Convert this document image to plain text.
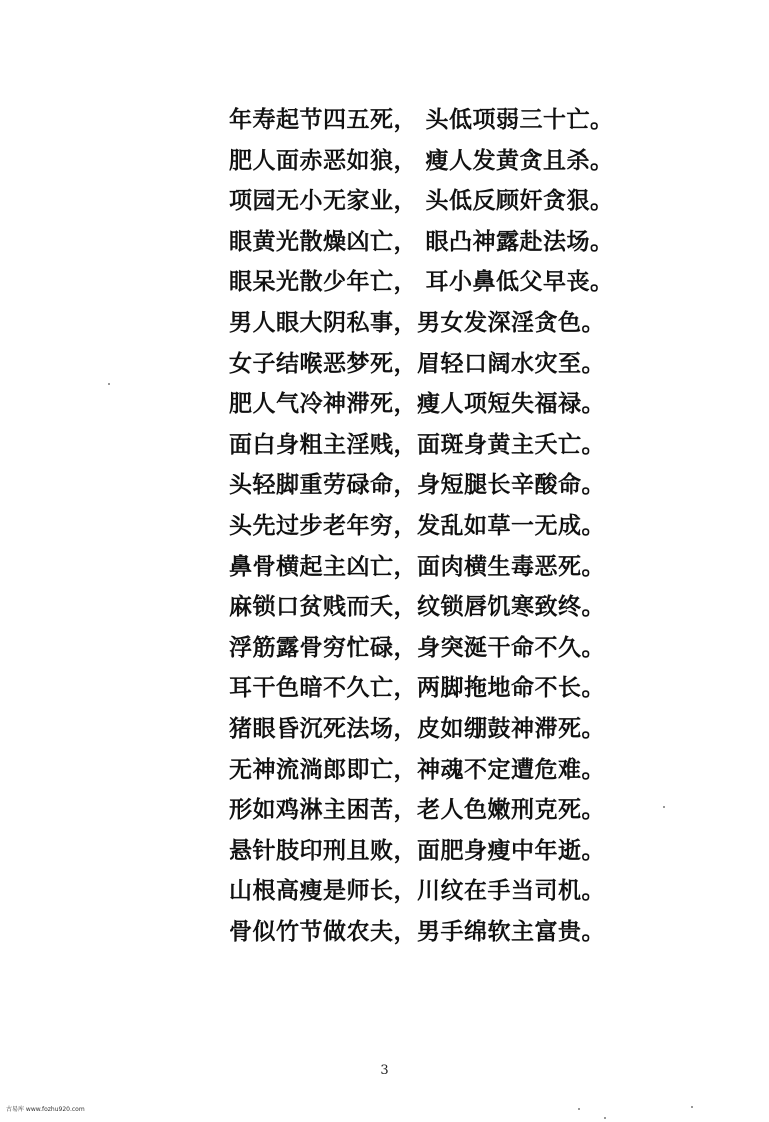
年寿起节四五死， 头低项弱三十亡。
肥人面赤恶如狼， 瘦人发黄贪且杀。
项园无小无家业， 头低反顾奸贪狠。
眼黄光散燥凶亡， 眼凸神露赴法场。
眼呆光散少年亡， 耳小鼻低父早丧。
男人眼大阴私事，男女发深淫贪色。
女子结喉恶梦死，眉轻口阔水灾至。
肥人气冷神滞死，瘦人项短失福禄。
面白身粗主淫贱，面斑身黄主夭亡。
头轻脚重劳碌命，身短腿长辛酸命。
头先过步老年穷，发乱如草一无成。
鼻骨横起主凶亡，面肉横生毒恶死。
麻锁口贫贱而夭，纹锁唇饥寒致终。
浮筋露骨穷忙碌，身突涎干命不久。
耳干色暗不久亡，两脚拖地命不长。
猪眼昏沉死法场，皮如绷鼓神滞死。
无神流淌郎即亡，神魂不定遭危难。
形如鸡淋主困苦，老人色嫩刑克死。
悬针肢印刑且败，面肥身瘦中年逝。
山根高瘦是师长，川纹在手当司机。
骨似竹节做农夫，男手绵软主富贵。
3
古易库 www.fozhu920.com
